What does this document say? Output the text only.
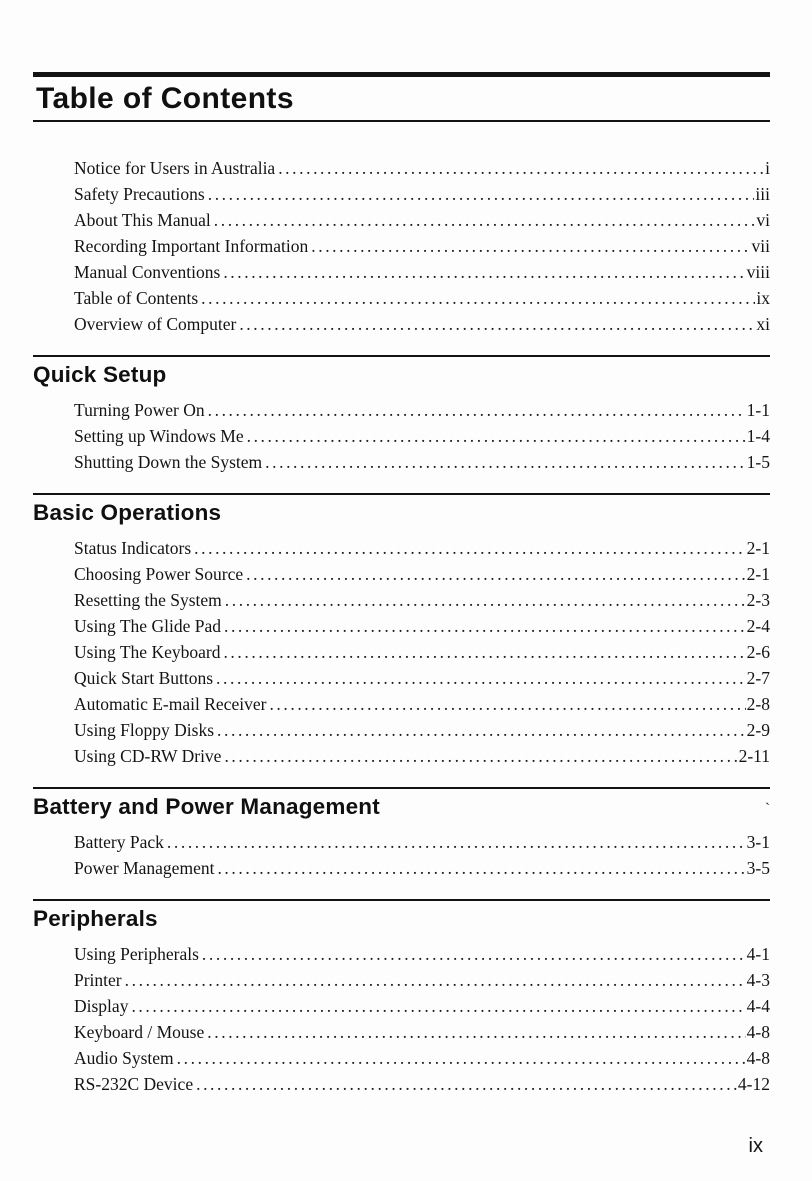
Table of Contents
Notice for Users in Australia .....	i
Safety Precautions .....	iii
About This Manual .....	vi
Recording Important Information .....	vii
Manual Conventions .....	viii
Table of Contents .....	ix
Overview of Computer .....	xi
Quick Setup
Turning Power On .....	1-1
Setting up Windows Me .....	1-4
Shutting Down the System .....	1-5
Basic Operations
Status Indicators .....	2-1
Choosing Power Source .....	2-1
Resetting the System .....	2-3
Using The Glide Pad .....	2-4
Using The Keyboard .....	2-6
Quick Start Buttons .....	2-7
Automatic E-mail Receiver .....	2-8
Using Floppy Disks .....	2-9
Using CD-RW Drive .....	2-11
Battery and Power Management	`
Battery Pack .....	3-1
Power Management .....	3-5
Peripherals
Using Peripherals .....	4-1
Printer .....	4-3
Display .....	4-4
Keyboard / Mouse .....	4-8
Audio System .....	4-8
RS-232C Device .....	4-12
ix
